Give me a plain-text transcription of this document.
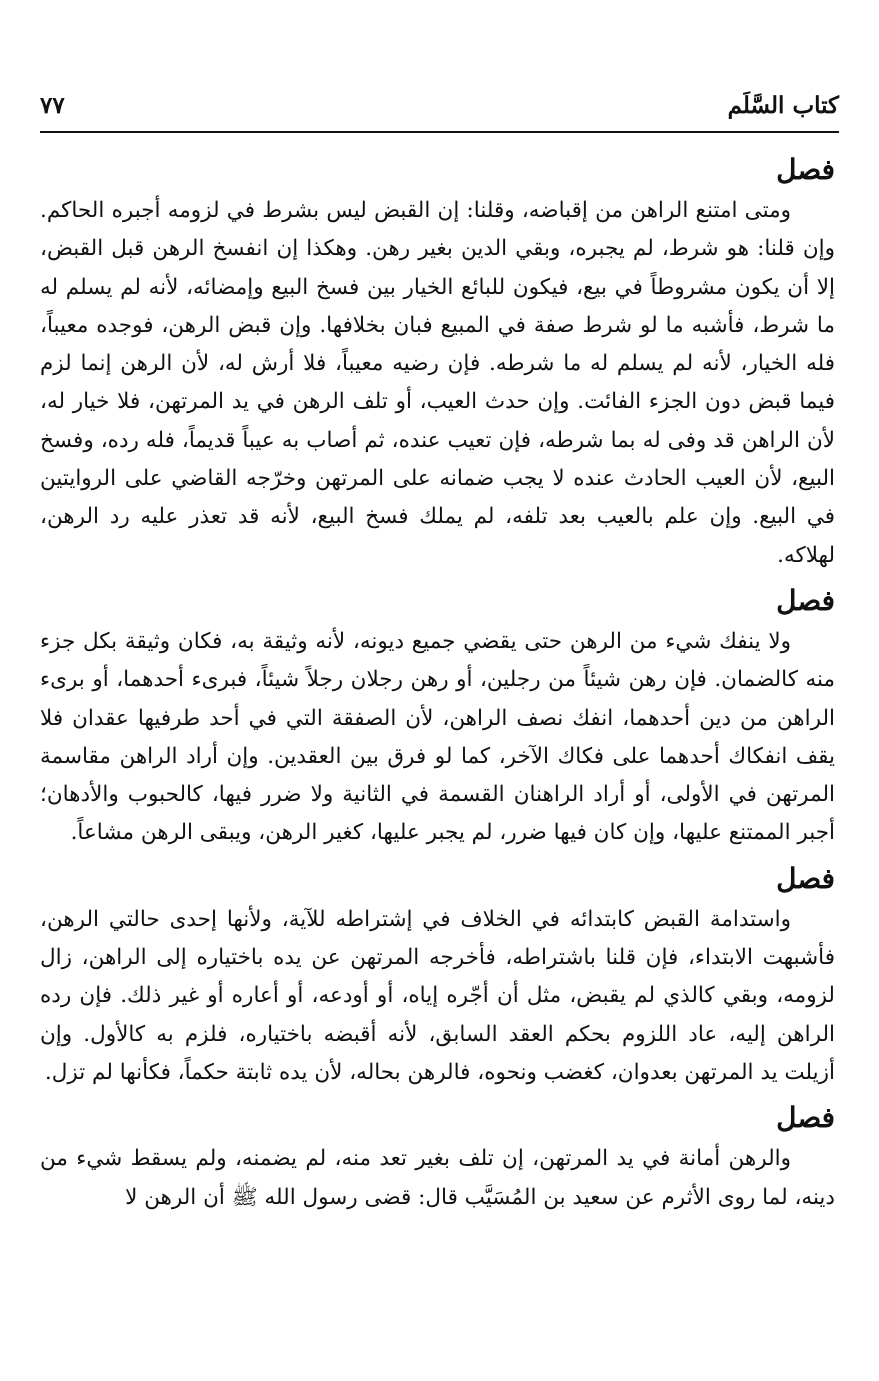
كتاب السَّلَم
٧٧
فصل

ومتى امتنع الراهن من إقباضه، وقلنا: إن القبض ليس بشرط في لزومه أجبره الحاكم. وإن قلنا: هو شرط، لم يجبره، وبقي الدين بغير رهن. وهكذا إن انفسخ الرهن قبل القبض، إلا أن يكون مشروطاً في بيع، فيكون للبائع الخيار بين فسخ البيع وإمضائه، لأنه لم يسلم له ما شرط، فأشبه ما لو شرط صفة في المبيع فبان بخلافها. وإن قبض الرهن، فوجده معيباً، فله الخيار، لأنه لم يسلم له ما شرطه. فإن رضيه معيباً، فلا أرش له، لأن الرهن إنما لزم فيما قبض دون الجزء الفائت. وإن حدث العيب، أو تلف الرهن في يد المرتهن، فلا خيار له، لأن الراهن قد وفى له بما شرطه، فإن تعيب عنده، ثم أصاب به عيباً قديماً، فله رده، وفسخ البيع، لأن العيب الحادث عنده لا يجب ضمانه على المرتهن وخرّجه القاضي على الروايتين في البيع. وإن علم بالعيب بعد تلفه، لم يملك فسخ البيع، لأنه قد تعذر عليه رد الرهن، لهلاكه.

فصل

ولا ينفك شيء من الرهن حتى يقضي جميع ديونه، لأنه وثيقة به، فكان وثيقة بكل جزء منه كالضمان. فإن رهن شيئاً من رجلين، أو رهن رجلان رجلاً شيئاً، فبرىء أحدهما، أو برىء الراهن من دين أحدهما، انفك نصف الراهن، لأن الصفقة التي في أحد طرفيها عقدان فلا يقف انفكاك أحدهما على فكاك الآخر، كما لو فرق بين العقدين. وإن أراد الراهن مقاسمة المرتهن في الأولى، أو أراد الراهنان القسمة في الثانية ولا ضرر فيها، كالحبوب والأدهان؛ أجبر الممتنع عليها، وإن كان فيها ضرر، لم يجبر عليها، كغير الرهن، ويبقى الرهن مشاعاً.

فصل

واستدامة القبض كابتدائه في الخلاف في إشتراطه للآية، ولأنها إحدى حالتي الرهن، فأشبهت الابتداء، فإن قلنا باشتراطه، فأخرجه المرتهن عن يده باختياره إلى الراهن، زال لزومه، وبقي كالذي لم يقبض، مثل أن أجّره إياه، أو أودعه، أو أعاره أو غير ذلك. فإن رده الراهن إليه، عاد اللزوم بحكم العقد السابق، لأنه أقبضه باختياره، فلزم به كالأول. وإن أزيلت يد المرتهن بعدوان، كغضب ونحوه، فالرهن بحاله، لأن يده ثابتة حكماً، فكأنها لم تزل.

فصل

والرهن أمانة في يد المرتهن، إن تلف بغير تعد منه، لم يضمنه، ولم يسقط شيء من دينه، لما روى الأثرم عن سعيد بن المُسَيَّب قال: قضى رسول الله ﷺ أن الرهن لا
